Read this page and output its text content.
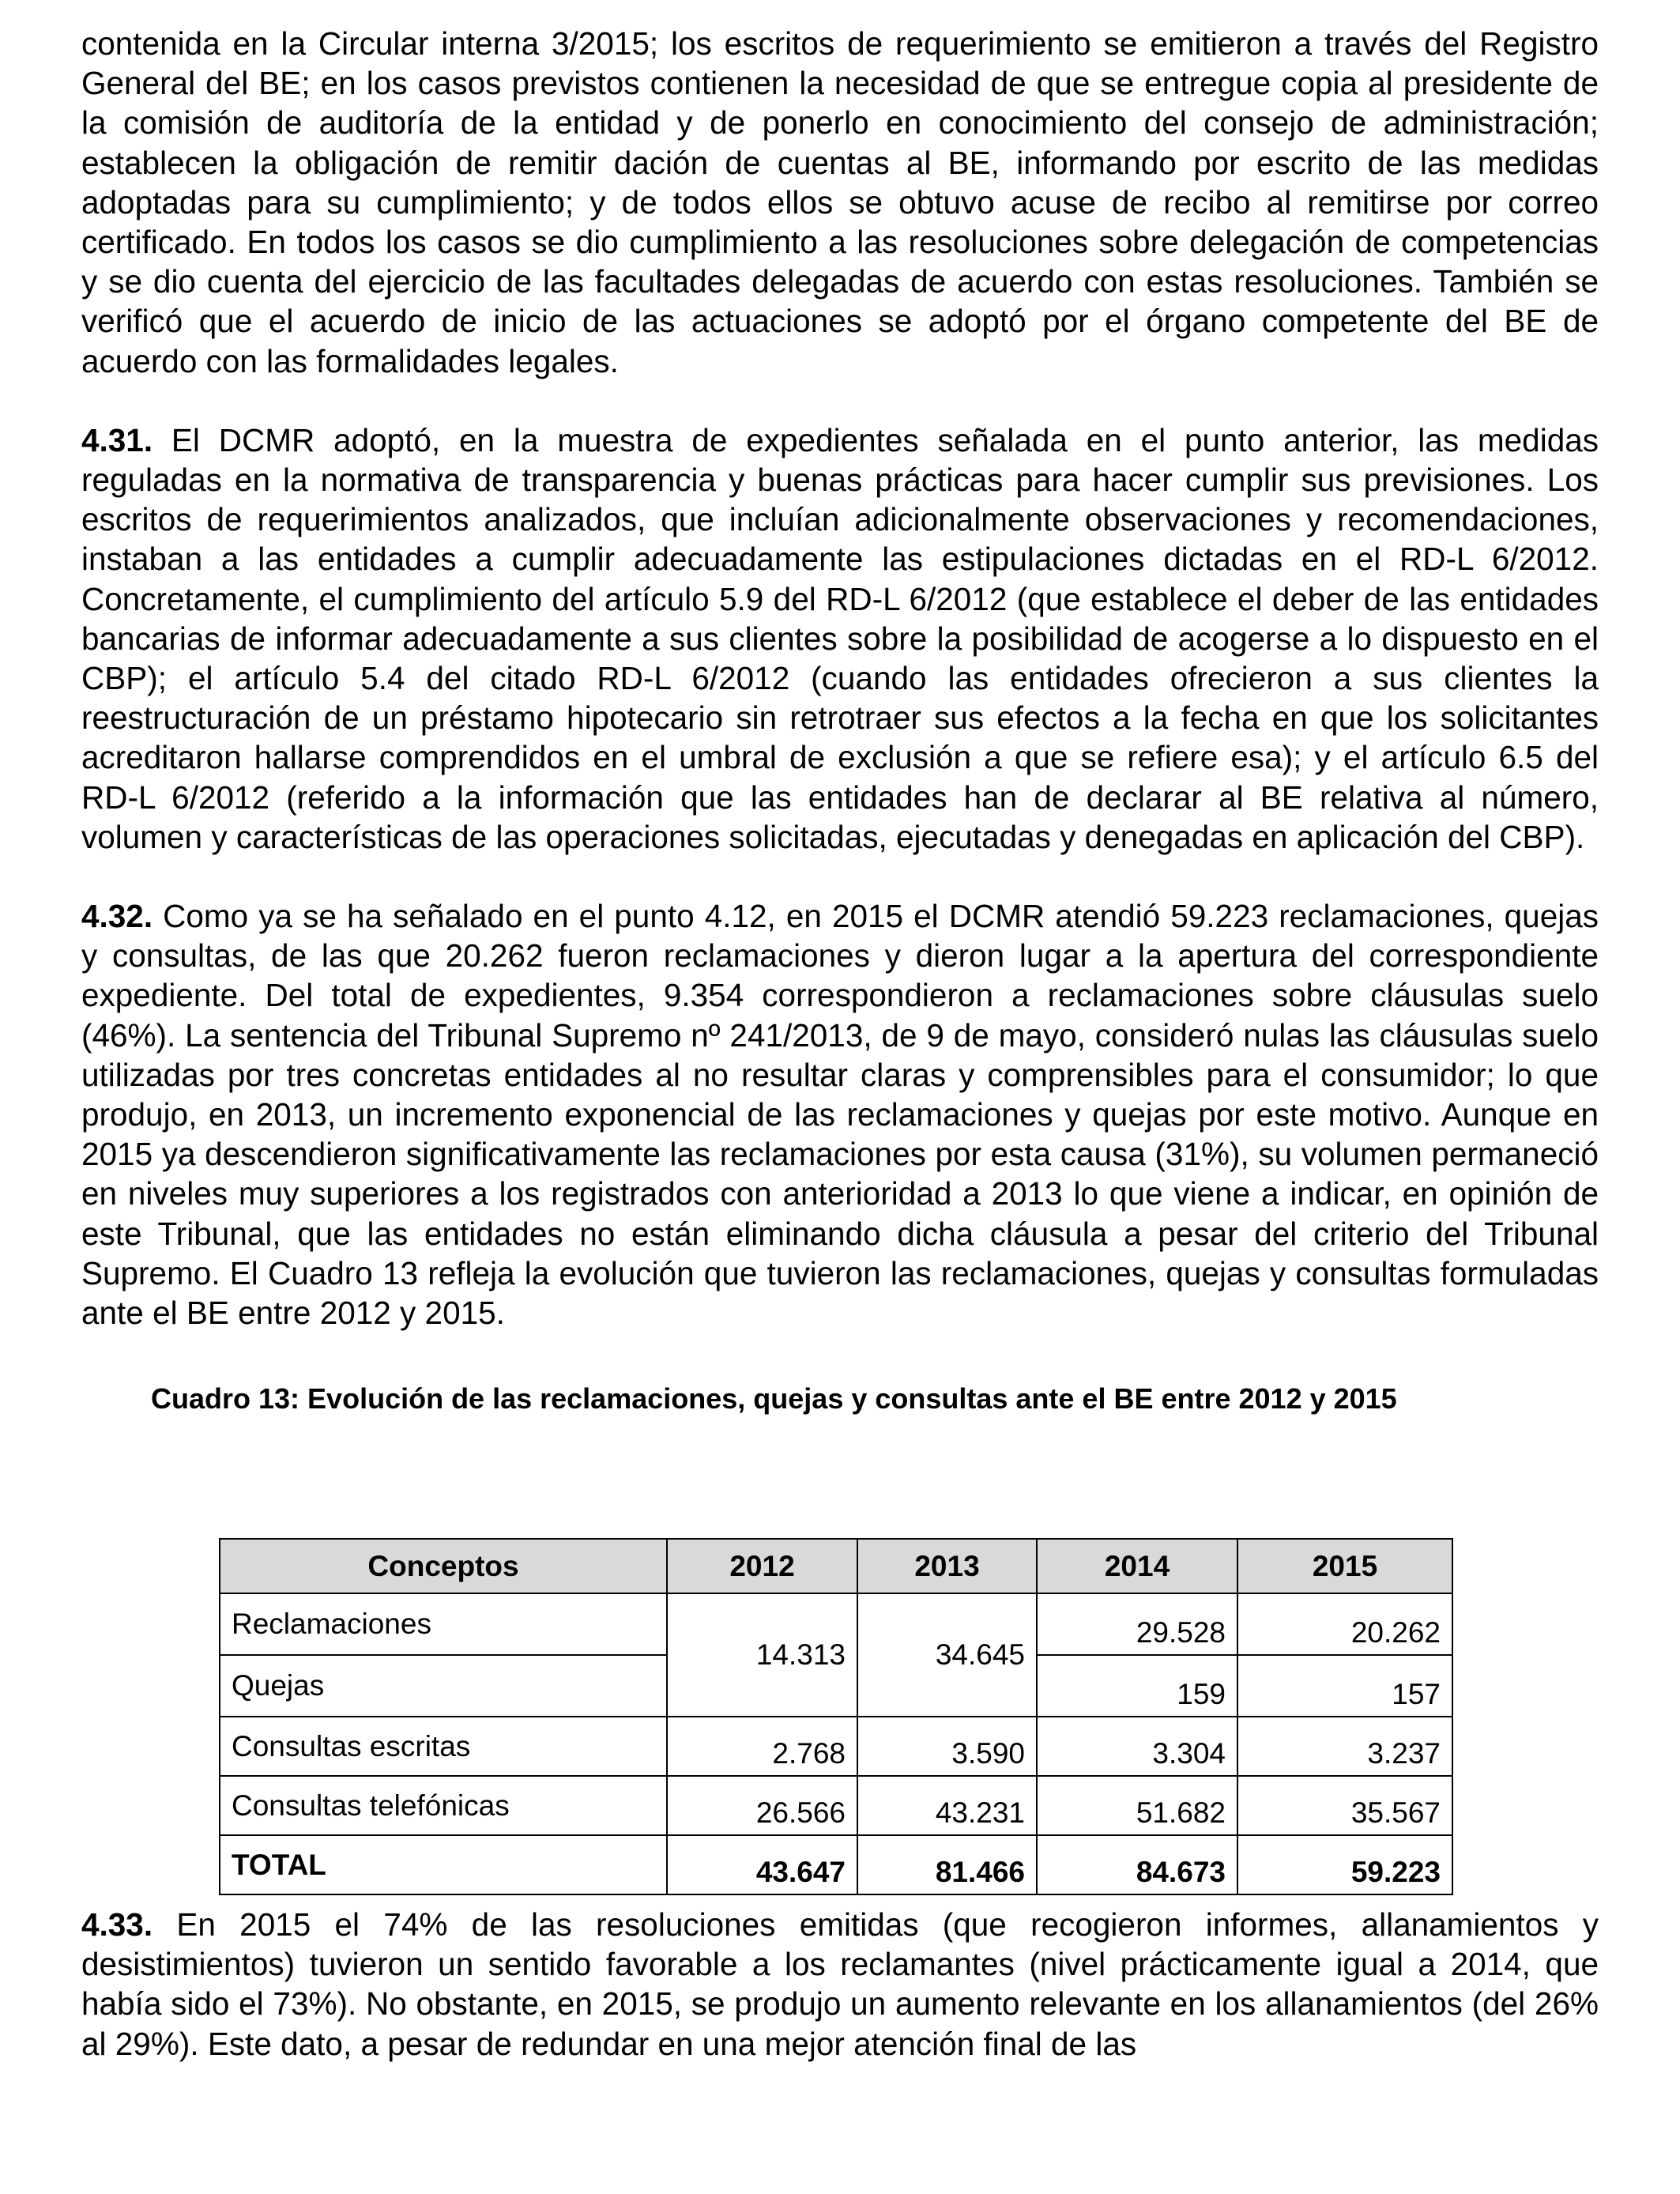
contenida en la Circular interna 3/2015; los escritos de requerimiento se emitieron a través del Registro General del BE; en los casos previstos contienen la necesidad de que se entregue copia al presidente de la comisión de auditoría de la entidad y de ponerlo en conocimiento del consejo de administración; establecen la obligación de remitir dación de cuentas al BE, informando por escrito de las medidas adoptadas para su cumplimiento; y de todos ellos se obtuvo acuse de recibo al remitirse por correo certificado. En todos los casos se dio cumplimiento a las resoluciones sobre delegación de competencias y se dio cuenta del ejercicio de las facultades delegadas de acuerdo con estas resoluciones. También se verificó que el acuerdo de inicio de las actuaciones se adoptó por el órgano competente del BE de acuerdo con las formalidades legales.

4.31. El DCMR adoptó, en la muestra de expedientes señalada en el punto anterior, las medidas reguladas en la normativa de transparencia y buenas prácticas para hacer cumplir sus previsiones. Los escritos de requerimientos analizados, que incluían adicionalmente observaciones y recomendaciones, instaban a las entidades a cumplir adecuadamente las estipulaciones dictadas en el RD-L 6/2012. Concretamente, el cumplimiento del artículo 5.9 del RD-L 6/2012 (que establece el deber de las entidades bancarias de informar adecuadamente a sus clientes sobre la posibilidad de acogerse a lo dispuesto en el CBP); el artículo 5.4 del citado RD-L 6/2012 (cuando las entidades ofrecieron a sus clientes la reestructuración de un préstamo hipotecario sin retrotraer sus efectos a la fecha en que los solicitantes acreditaron hallarse comprendidos en el umbral de exclusión a que se refiere esa); y el artículo 6.5 del RD-L 6/2012 (referido a la información que las entidades han de declarar al BE relativa al número, volumen y características de las operaciones solicitadas, ejecutadas y denegadas en aplicación del CBP).

4.32. Como ya se ha señalado en el punto 4.12, en 2015 el DCMR atendió 59.223 reclamaciones, quejas y consultas, de las que 20.262 fueron reclamaciones y dieron lugar a la apertura del correspondiente expediente. Del total de expedientes, 9.354 correspondieron a reclamaciones sobre cláusulas suelo (46%). La sentencia del Tribunal Supremo nº 241/2013, de 9 de mayo, consideró nulas las cláusulas suelo utilizadas por tres concretas entidades al no resultar claras y comprensibles para el consumidor; lo que produjo, en 2013, un incremento exponencial de las reclamaciones y quejas por este motivo. Aunque en 2015 ya descendieron significativamente las reclamaciones por esta causa (31%), su volumen permaneció en niveles muy superiores a los registrados con anterioridad a 2013 lo que viene a indicar, en opinión de este Tribunal, que las entidades no están eliminando dicha cláusula a pesar del criterio del Tribunal Supremo. El Cuadro 13 refleja la evolución que tuvieron las reclamaciones, quejas y consultas formuladas ante el BE entre 2012 y 2015.

Cuadro 13: Evolución de las reclamaciones, quejas y consultas ante el BE entre 2012 y 2015
Conceptos	2012	2013	2014	2015
Reclamaciones	14.313	34.645	29.528	20.262
Quejas			159	157
Consultas escritas	2.768	3.590	3.304	3.237
Consultas telefónicas	26.566	43.231	51.682	35.567
TOTAL	43.647	81.466	84.673	59.223

4.33. En 2015 el 74% de las resoluciones emitidas (que recogieron informes, allanamientos y desistimientos) tuvieron un sentido favorable a los reclamantes (nivel prácticamente igual a 2014, que había sido el 73%). No obstante, en 2015, se produjo un aumento relevante en los allanamientos (del 26% al 29%). Este dato, a pesar de redundar en una mejor atención final de las
